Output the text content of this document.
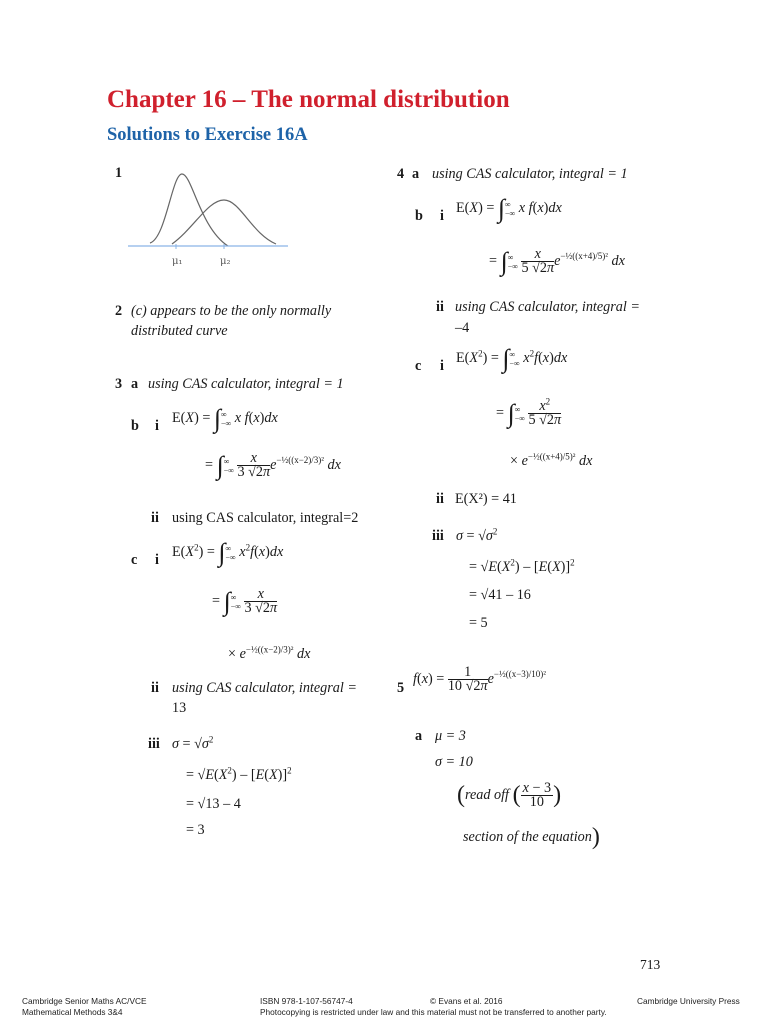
Chapter 16 – The normal distribution
Solutions to Exercise 16A
1
μ₁	μ₂
2 (c) appears to be the only normally
distributed curve
3 a using CAS calculator, integral = 1
b i E(X) = ∫ ∞
−∞ x f(x)dx
= ∫ ∞
−∞
$\frac{x}{3 √2\pi} e^{-\frac{1}{2}((x-2)/3)^2}$ dx
ii using CAS calculator, integral=2
c i $E(X^2)$ = ∫ ∞
−∞ $x^2f(x)dx$
= ∫ ∞
−∞
$\frac{x}{3 √2\pi}$
× $e^{-\frac{1}{2}((x-2)/3)^2}$ dx
ii using CAS calculator, integral =
13
iii $\sigma = √\sigma^2$
= $√E(X^2) - [E(X)]^2$
= √13 – 4
= 3
4 a using CAS calculator, integral = 1
b i E(X) = ∫ ∞
−∞ x f(x)dx
= ∫ ∞
−∞
$\frac{x}{5 √2\pi} e^{-\frac{1}{2}((x+4)/5)^2}$ dx
ii using CAS calculator, integral =
–4
c i $E(X^2)$ = ∫ ∞
−∞ $x^2f(x)dx$
= ∫ ∞
−∞
$\frac{x^2}{5 √2\pi}$
× $e^{-\frac{1}{2}((x+4)/5)^2}$ dx
ii E(X²) = 41
iii $\sigma = √\sigma^2$
= $√E(X^2) - [E(X)]^2$
= √41 – 16
= 5
5
$f(x) = \frac{1}{10 √2\pi} e^{-\frac{1}{2}((x-3)/10)^2}$
a μ = 3
σ = 10
(read off ( $\frac{x - 3}{10}$ )
section of the equation)
713
Cambridge Senior Maths AC/VCE
Mathematical Methods 3&4
ISBN 978-1-107-56747-4	© Evans et al. 2016
Photocopying is restricted under law and this material must not be transferred to another party.
Cambridge University Press
